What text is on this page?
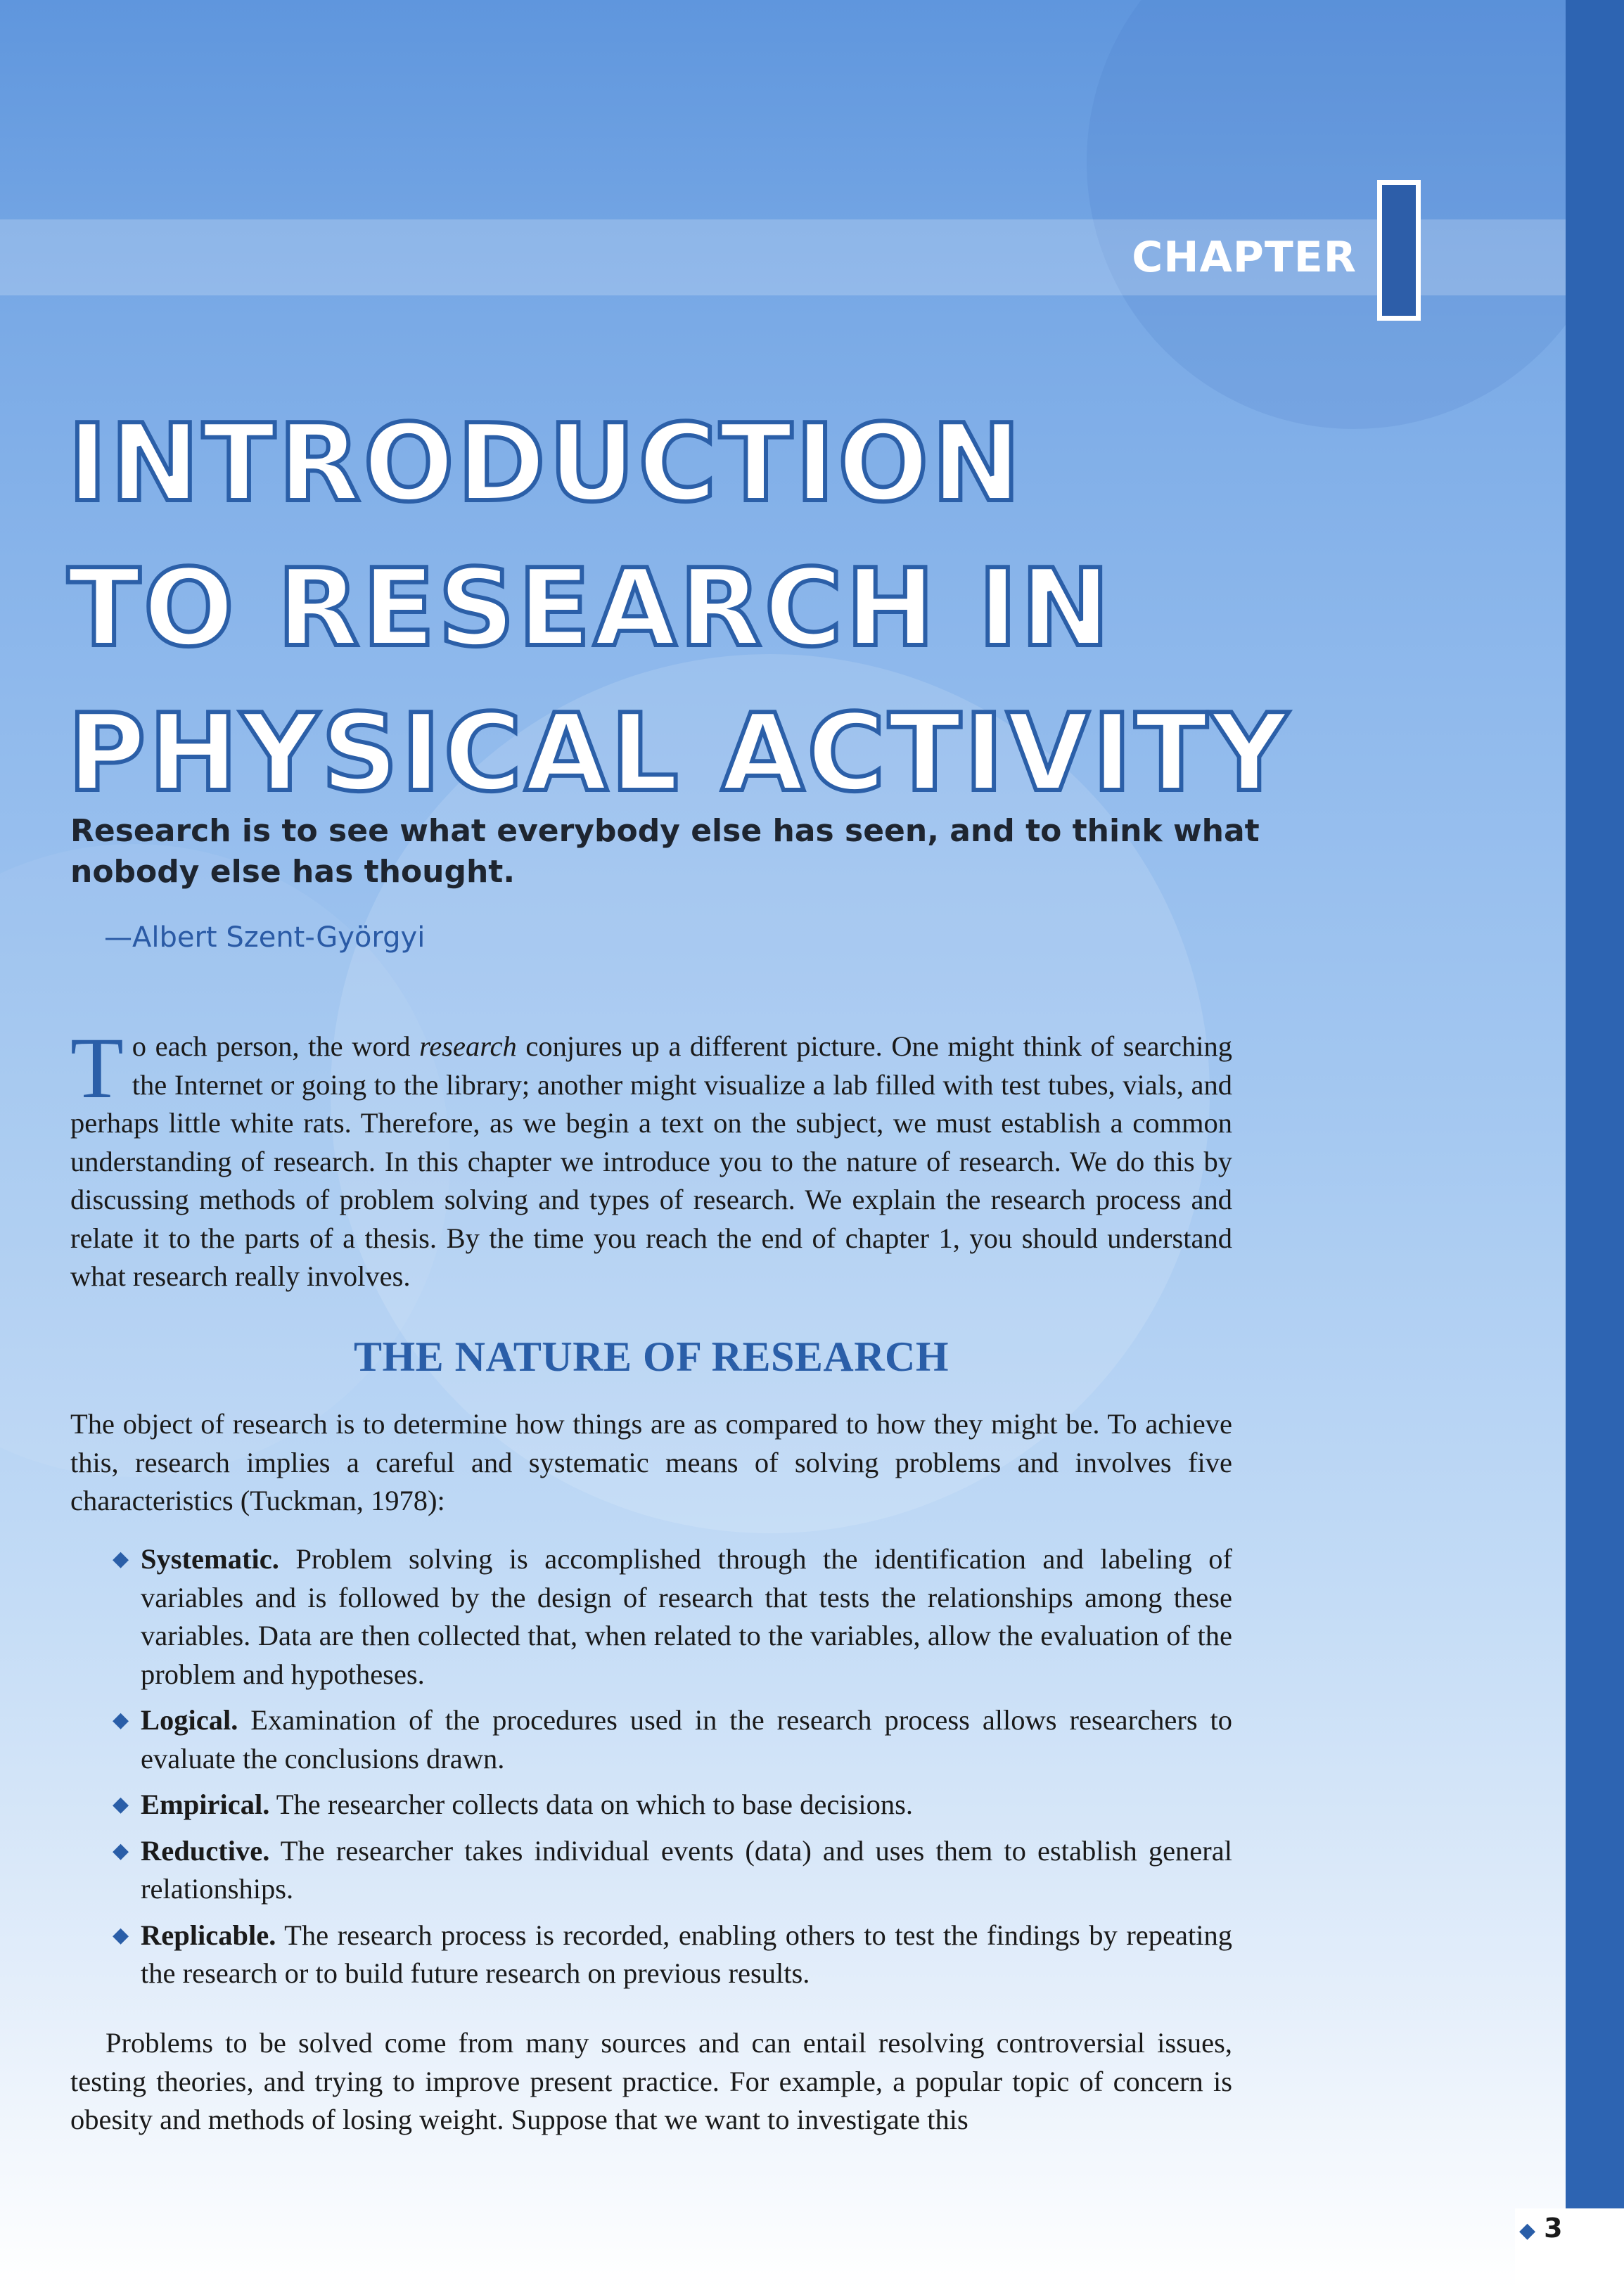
CHAPTER
INTRODUCTION
TO RESEARCH IN
PHYSICAL ACTIVITY

Research is to see what everybody else has seen, and to think what nobody else has thought.

—Albert Szent-Györgyi

To each person, the word research conjures up a different picture. One might think of searching the Internet or going to the library; another might visualize a lab filled with test tubes, vials, and perhaps little white rats. Therefore, as we begin a text on the subject, we must establish a common understanding of research. In this chapter we introduce you to the nature of research. We do this by discussing methods of problem solving and types of research. We explain the research process and relate it to the parts of a thesis. By the time you reach the end of chapter 1, you should understand what research really involves.

THE NATURE OF RESEARCH

The object of research is to determine how things are as compared to how they might be. To achieve this, research implies a careful and systematic means of solving problems and involves five characteristics (Tuckman, 1978):

◆ Systematic. Problem solving is accomplished through the identification and labeling of variables and is followed by the design of research that tests the relationships among these variables. Data are then collected that, when related to the variables, allow the evaluation of the problem and hypotheses.
◆ Logical. Examination of the procedures used in the research process allows researchers to evaluate the conclusions drawn.
◆ Empirical. The researcher collects data on which to base decisions.
◆ Reductive. The researcher takes individual events (data) and uses them to establish general relationships.
◆ Replicable. The research process is recorded, enabling others to test the findings by repeating the research or to build future research on previous results.

Problems to be solved come from many sources and can entail resolving controversial issues, testing theories, and trying to improve present practice. For example, a popular topic of concern is obesity and methods of losing weight. Suppose that we want to investigate this

◆ 3
